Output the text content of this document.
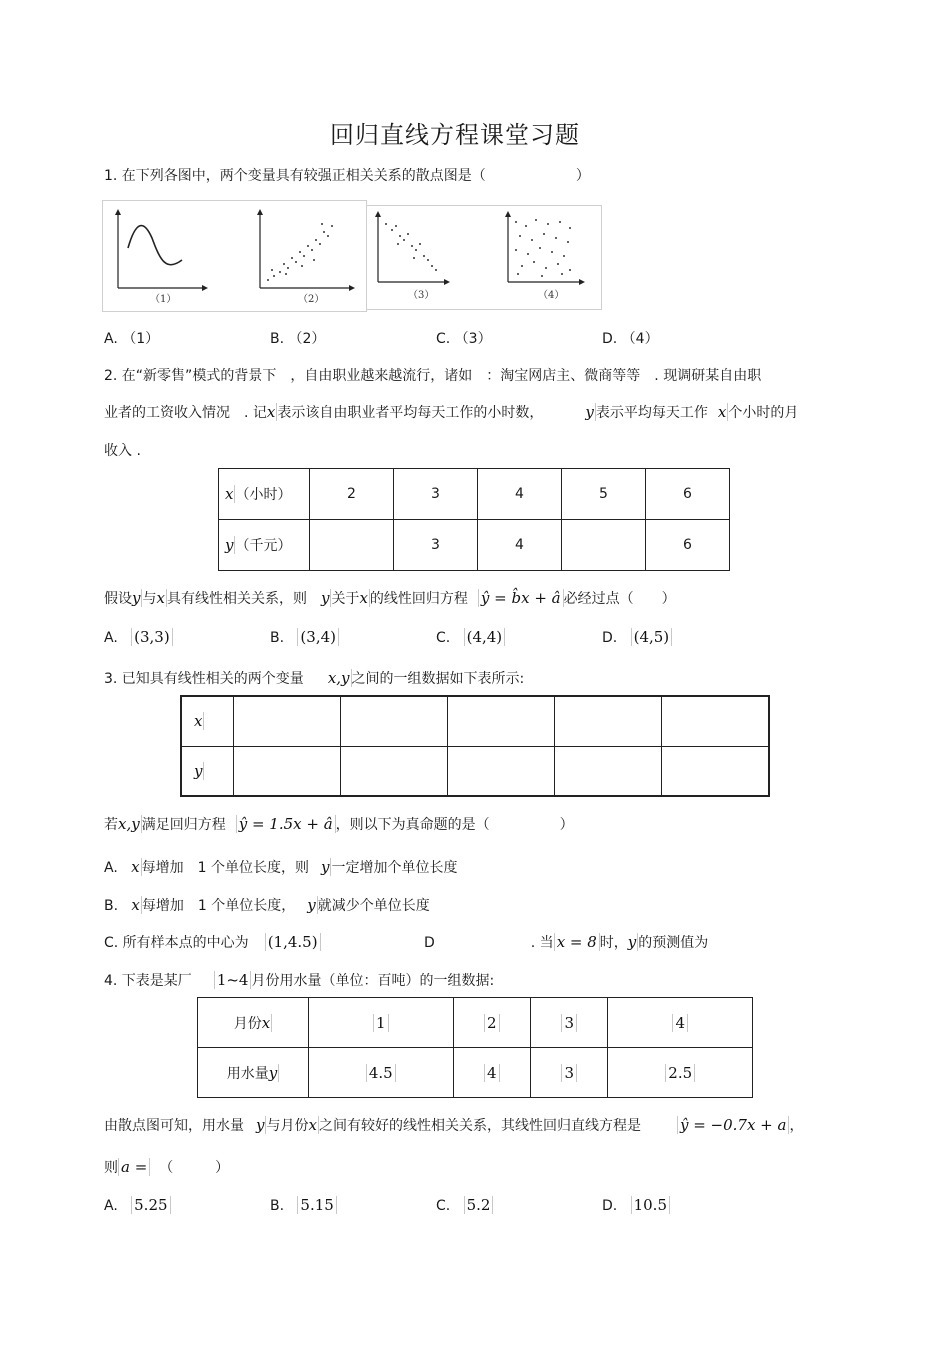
回归直线方程课堂习题
1. 在下列各图中，两个变量具有较强正相关关系的散点图是（	）
（1）	（2）	（3）	（4）
A. （1）	B. （2）	C. （3）	D. （4）
2. 在“新零售”模式的背景下　，自由职业越来越流行，诸如　：淘宝网店主、微商等等　. 现调研某自由职
业者的工资收入情况　. 记x 表示该自由职业者平均每天工作的小时数，	y 表示平均每天工作 x 个小时的月
收入 .
x （小时）	2	3	4	5	6
y （千元）		3	4		6
假设y 与x 具有线性相关关系，则 y 关于x 的线性回归方程 ŷ = b̂x + â 必经过点（　　）
A. (3,3)	B. (3,4)	C. (4,4)	D. (4,5)
3. 已知具有线性相关的两个变量 x,y 之间的一组数据如下表所示:
x					
y					
若x,y 满足回归方程 ŷ = 1.5x + â ，则以下为真命题的是（　　　　　）
A. x 每增加　1 个单位长度，则 y 一定增加个单位长度
B. x 每增加　1 个单位长度， y 就减少个单位长度
C. 所有样本点的中心为 (1,4.5)	D	. 当 x = 8 时，y 的预测值为
4. 下表是某厂 1~4 月份用水量（单位：百吨）的一组数据:
月份x	1	2	3	4
用水量y	4.5	4	3	2.5
由散点图可知，用水量 y 与月份x 之间有较好的线性相关关系，其线性回归直线方程是	ŷ = −0.7x + a ，
则 a = （　　　）
A. 5.25	B. 5.15	C. 5.2	D. 10.5
